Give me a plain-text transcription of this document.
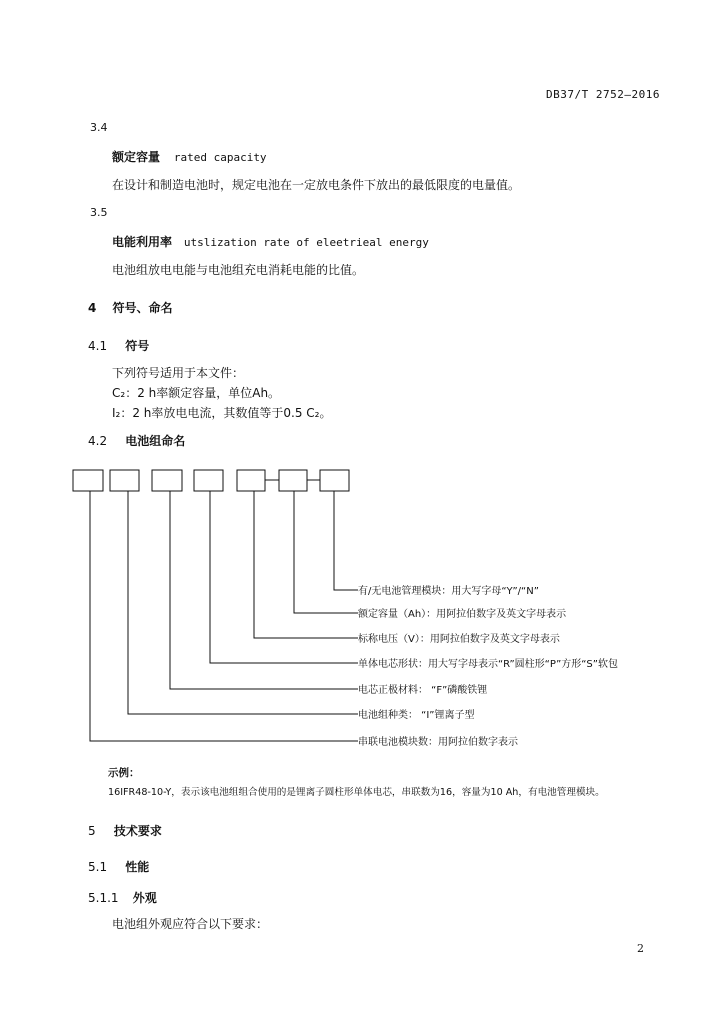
DB37/T 2752—2016
3.4
额定容量 rated capacity
在设计和制造电池时，规定电池在一定放电条件下放出的最低限度的电量值。
3.5
电能利用率 utslization rate of eleetrieal energy
电池组放电电能与电池组充电消耗电能的比值。
4 符号、命名
4.1 符号
下列符号适用于本文件：
C₂：2 h率额定容量，单位Ah。
I₂：2 h率放电电流，其数值等于0.5 C₂。
4.2 电池组命名
有/无电池管理模块：用大写字母“Y”/“N”
额定容量（Ah）：用阿拉伯数字及英文字母表示
标称电压（V）：用阿拉伯数字及英文字母表示
单体电芯形状：用大写字母表示“R”圆柱形“P”方形“S”软包
电芯正极材料： “F”磷酸铁锂
电池组种类： “I”锂离子型
串联电池模块数：用阿拉伯数字表示
示例：
16IFR48-10-Y，表示该电池组组合使用的是锂离子圆柱形单体电芯，串联数为16，容量为10 Ah，有电池管理模块。
5 技术要求
5.1 性能
5.1.1 外观
电池组外观应符合以下要求：
2
